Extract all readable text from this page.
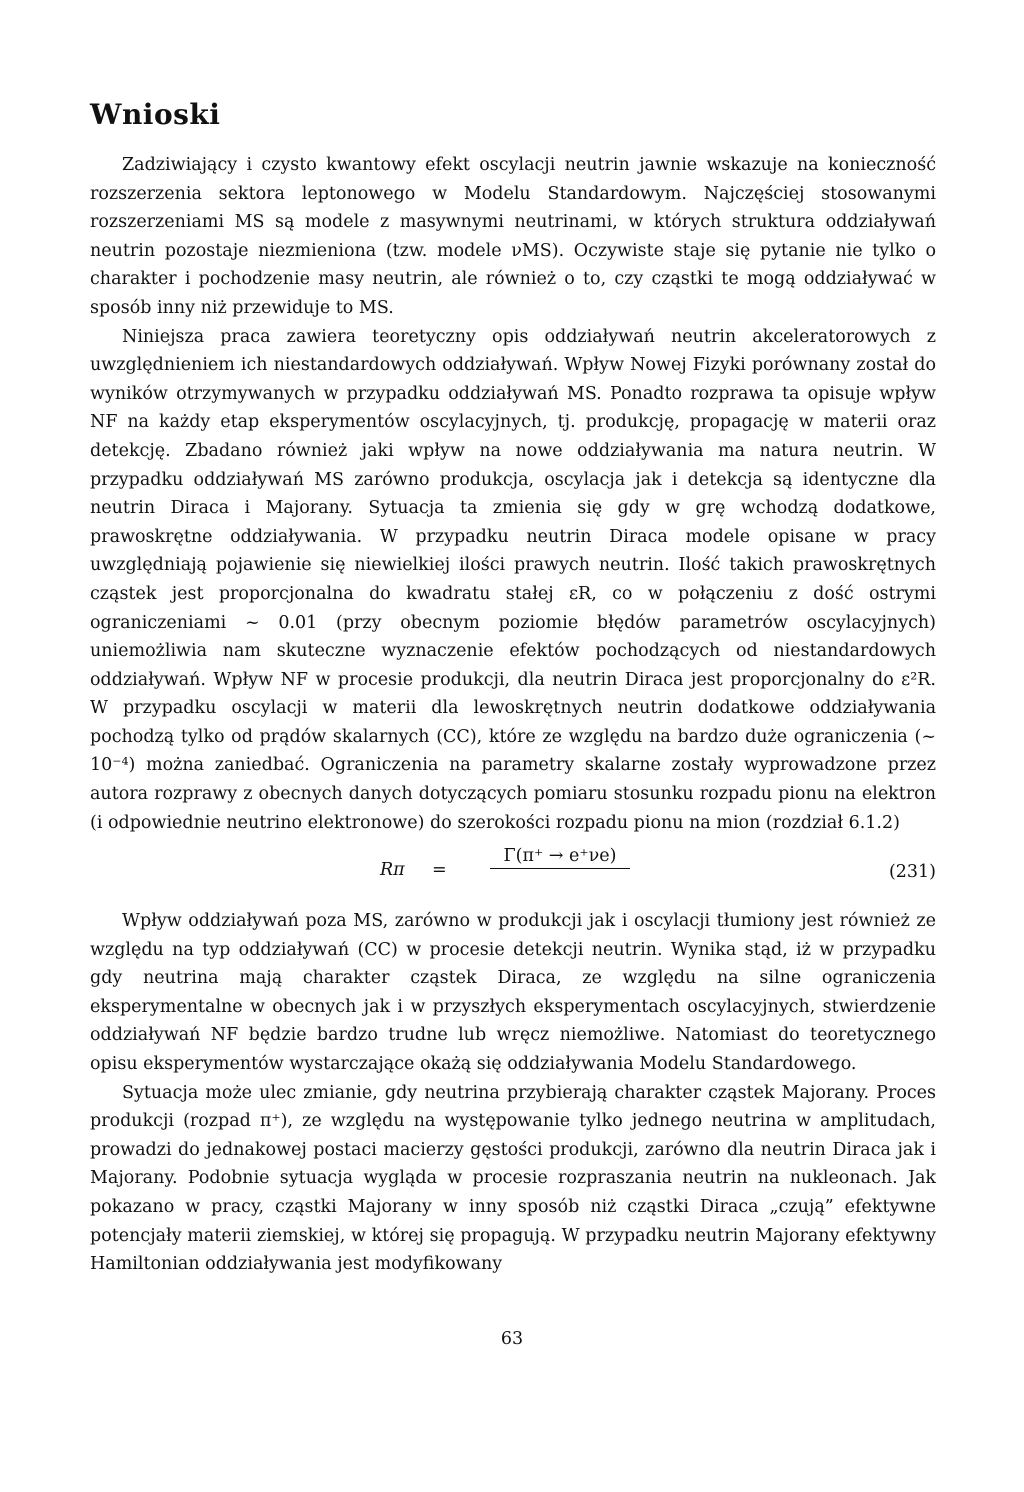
Wnioski

Zadziwiający i czysto kwantowy efekt oscylacji neutrin jawnie wskazuje na konieczność rozszerzenia sektora leptonowego w Modelu Standardowym. Najczęściej stosowanymi rozszerzeniami MS są modele z masywnymi neutrinami, w których struktura oddziaływań neutrin pozostaje niezmieniona (tzw. modele νMS). Oczywiste staje się pytanie nie tylko o charakter i pochodzenie masy neutrin, ale również o to, czy cząstki te mogą oddziaływać w sposób inny niż przewiduje to MS.

Niniejsza praca zawiera teoretyczny opis oddziaływań neutrin akceleratorowych z uwzględnieniem ich niestandardowych oddziaływań. Wpływ Nowej Fizyki porównany został do wyników otrzymywanych w przypadku oddziaływań MS. Ponadto rozprawa ta opisuje wpływ NF na każdy etap eksperymentów oscylacyjnych, tj. produkcję, propagację w materii oraz detekcję. Zbadano również jaki wpływ na nowe oddziaływania ma natura neutrin. W przypadku oddziaływań MS zarówno produkcja, oscylacja jak i detekcja są identyczne dla neutrin Diraca i Majorany. Sytuacja ta zmienia się gdy w grę wchodzą dodatkowe, prawoskrętne oddziaływania. W przypadku neutrin Diraca modele opisane w pracy uwzględniają pojawienie się niewielkiej ilości prawych neutrin. Ilość takich prawoskrętnych cząstek jest proporcjonalna do kwadratu stałej εR, co w połączeniu z dość ostrymi ograniczeniami ~ 0.01 (przy obecnym poziomie błędów parametrów oscylacyjnych) uniemożliwia nam skuteczne wyznaczenie efektów pochodzących od niestandardowych oddziaływań. Wpływ NF w procesie produkcji, dla neutrin Diraca jest proporcjonalny do ε²R. W przypadku oscylacji w materii dla lewoskrętnych neutrin dodatkowe oddziaływania pochodzą tylko od prądów skalarnych (CC), które ze względu na bardzo duże ograniczenia (~ 10⁻⁴) można zaniedbać. Ograniczenia na parametry skalarne zostały wyprowadzone przez autora rozprawy z obecnych danych dotyczących pomiaru stosunku rozpadu pionu na elektron (i odpowiednie neutrino elektronowe) do szerokości rozpadu pionu na mion (rozdział 6.1.2)

Rπ =
Γ(π⁺ → e⁺νe)
(231)

Wpływ oddziaływań poza MS, zarówno w produkcji jak i oscylacji tłumiony jest również ze względu na typ oddziaływań (CC) w procesie detekcji neutrin. Wynika stąd, iż w przypadku gdy neutrina mają charakter cząstek Diraca, ze względu na silne ograniczenia eksperymentalne w obecnych jak i w przyszłych eksperymentach oscylacyjnych, stwierdzenie oddziaływań NF będzie bardzo trudne lub wręcz niemożliwe. Natomiast do teoretycznego opisu eksperymentów wystarczające okażą się oddziaływania Modelu Standardowego.

Sytuacja może ulec zmianie, gdy neutrina przybierają charakter cząstek Majorany. Proces produkcji (rozpad π⁺), ze względu na występowanie tylko jednego neutrina w amplitudach, prowadzi do jednakowej postaci macierzy gęstości produkcji, zarówno dla neutrin Diraca jak i Majorany. Podobnie sytuacja wygląda w procesie rozpraszania neutrin na nukleonach. Jak pokazano w pracy, cząstki Majorany w inny sposób niż cząstki Diraca „czują” efektywne potencjały materii ziemskiej, w której się propagują. W przypadku neutrin Majorany efektywny Hamiltonian oddziaływania jest modyfikowany

63
